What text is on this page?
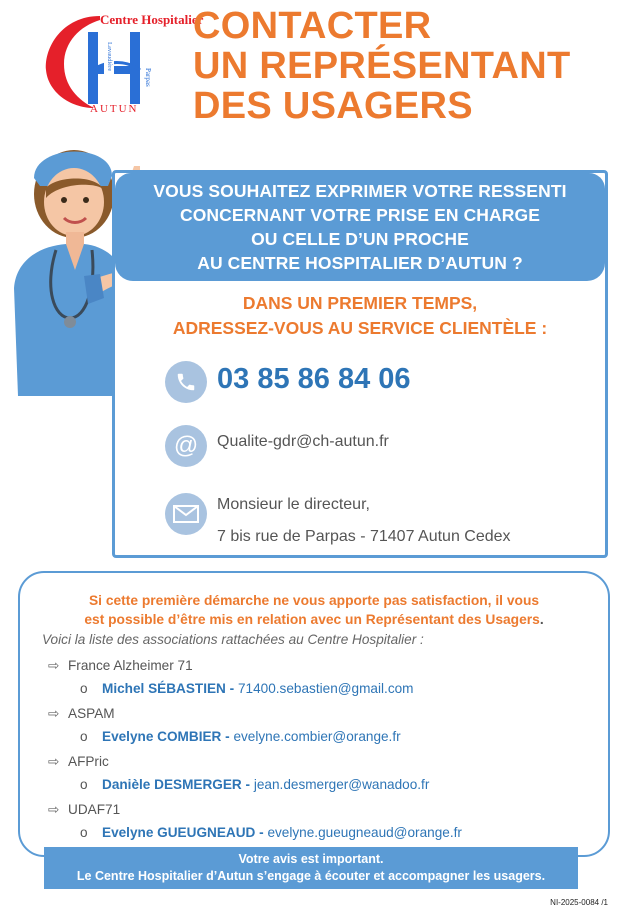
Centre Hospitalier
Lavaudière
Parpas
AUTUN
CONTACTER
UN REPRÉSENTANT
DES USAGERS
VOUS SOUHAITEZ EXPRIMER VOTRE RESSENTI
CONCERNANT VOTRE PRISE EN CHARGE
OU CELLE D’UN PROCHE
AU CENTRE HOSPITALIER D’AUTUN ?
DANS UN PREMIER TEMPS,
ADRESSEZ-VOUS AU SERVICE CLIENTÈLE :
03 85 86 84 06
@	Qualite-gdr@ch-autun.fr
Monsieur le directeur,
7 bis rue de Parpas - 71407 Autun Cedex
Si cette première démarche ne vous apporte pas satisfaction, il vous
est possible d’être mis en relation avec un Représentant des Usagers.
Voici la liste des associations rattachées au Centre Hospitalier :
⇨ France Alzheimer 71
o Michel SÉBASTIEN - 71400.sebastien@gmail.com
⇨ ASPAM
o Evelyne COMBIER - evelyne.combier@orange.fr
⇨ AFPric
o Danièle DESMERGER - jean.desmerger@wanadoo.fr
⇨ UDAF71
o Evelyne GUEUGNEAUD - evelyne.gueugneaud@orange.fr
Votre avis est important.
Le Centre Hospitalier d’Autun s’engage à écouter et accompagner les usagers.
NI-2025-0084 /1
